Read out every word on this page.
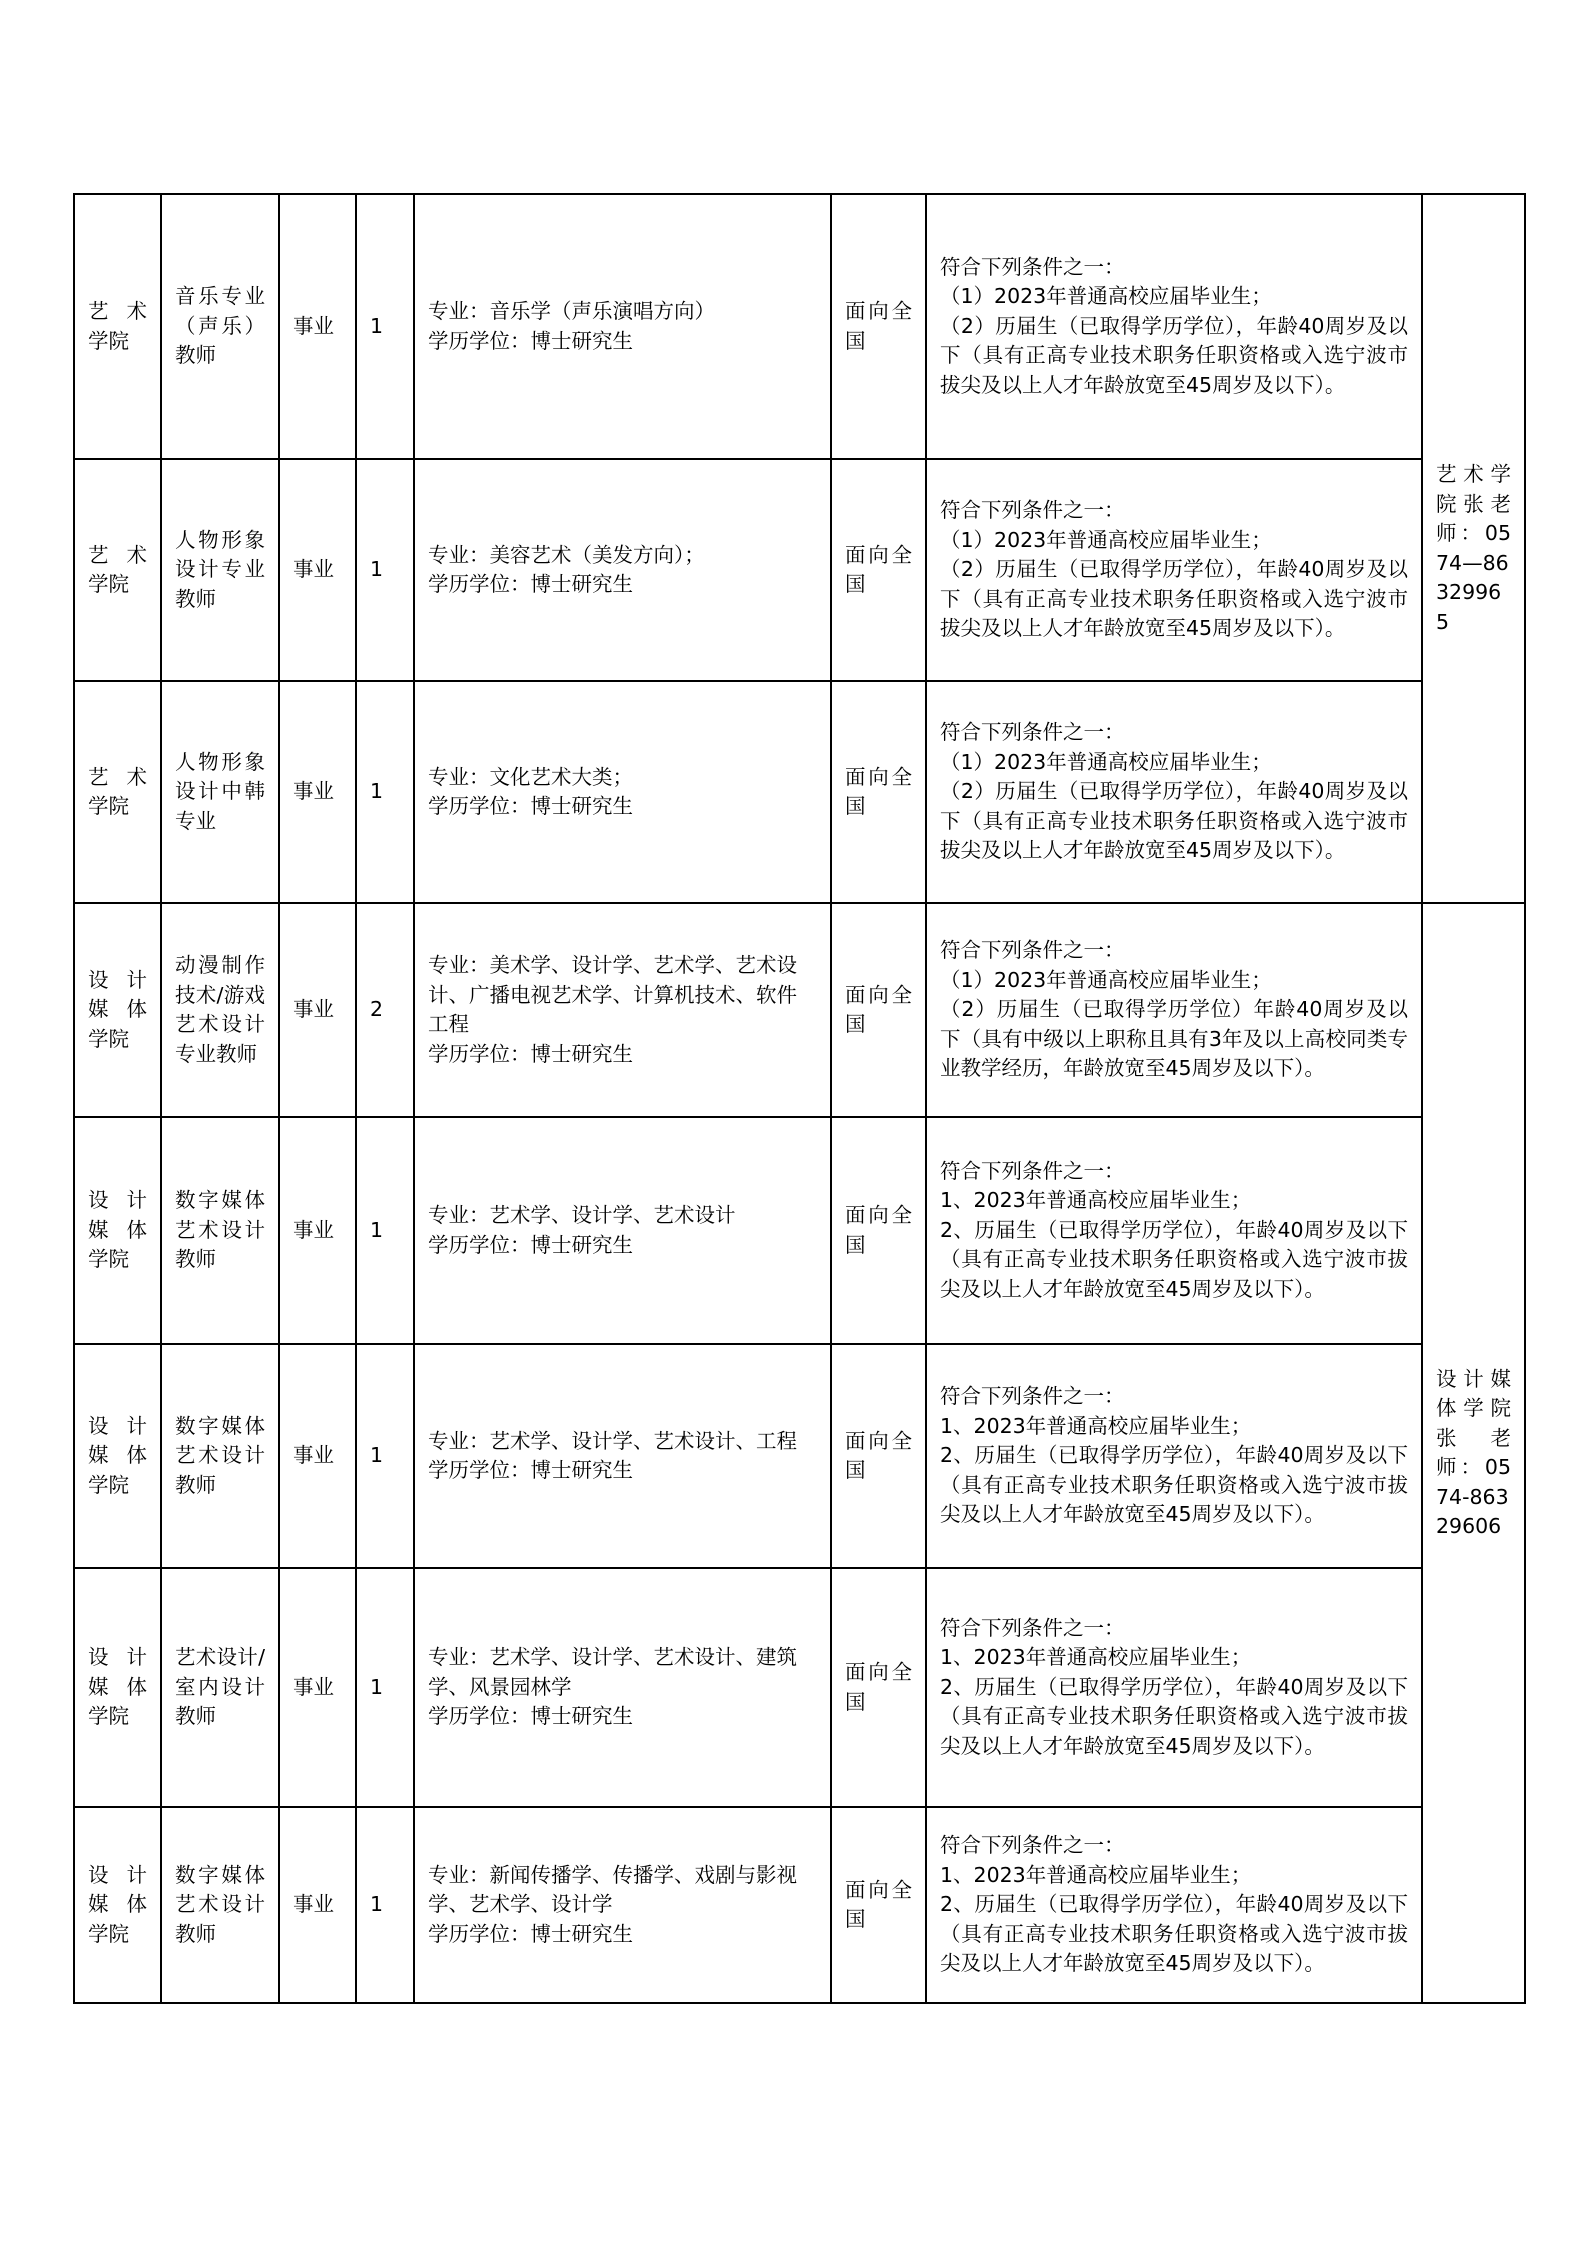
艺术学院	音乐专业（声乐）教师	事业	1	专业：音乐学（声乐演唱方向）
学历学位：博士研究生	面向全国	符合下列条件之一：
（1）2023年普通高校应届毕业生；
（2）历届生（已取得学历学位），年龄40周岁及以下（具有正高专业技术职务任职资格或入选宁波市拔尖及以上人才年龄放宽至45周岁及以下）。	艺术学院张老师：0574—86329965
艺术学院	人物形象设计专业教师	事业	1	专业：美容艺术（美发方向）；
学历学位：博士研究生	面向全国	符合下列条件之一：
（1）2023年普通高校应届毕业生；
（2）历届生（已取得学历学位），年龄40周岁及以下（具有正高专业技术职务任职资格或入选宁波市拔尖及以上人才年龄放宽至45周岁及以下）。	
艺术学院	人物形象设计中韩专业	事业	1	专业：文化艺术大类；
学历学位：博士研究生	面向全国	符合下列条件之一：
（1）2023年普通高校应届毕业生；
（2）历届生（已取得学历学位），年龄40周岁及以下（具有正高专业技术职务任职资格或入选宁波市拔尖及以上人才年龄放宽至45周岁及以下）。	
设计媒体学院	动漫制作技术/游戏艺术设计专业教师	事业	2	专业：美术学、设计学、艺术学、艺术设计、广播电视艺术学、计算机技术、软件工程
学历学位：博士研究生	面向全国	符合下列条件之一：
（1）2023年普通高校应届毕业生；
（2）历届生（已取得学历学位）年龄40周岁及以下（具有中级以上职称且具有3年及以上高校同类专业教学经历，年龄放宽至45周岁及以下）。	设计媒体学院张老师：0574-86329606
设计媒体学院	数字媒体艺术设计教师	事业	1	专业：艺术学、设计学、艺术设计
学历学位：博士研究生	面向全国	符合下列条件之一：
1、2023年普通高校应届毕业生；
2、历届生（已取得学历学位），年龄40周岁及以下（具有正高专业技术职务任职资格或入选宁波市拔尖及以上人才年龄放宽至45周岁及以下）。	
设计媒体学院	数字媒体艺术设计教师	事业	1	专业：艺术学、设计学、艺术设计、工程
学历学位：博士研究生	面向全国	符合下列条件之一：
1、2023年普通高校应届毕业生；
2、历届生（已取得学历学位），年龄40周岁及以下（具有正高专业技术职务任职资格或入选宁波市拔尖及以上人才年龄放宽至45周岁及以下）。	
设计媒体学院	艺术设计/室内设计教师	事业	1	专业：艺术学、设计学、艺术设计、建筑学、风景园林学
学历学位：博士研究生	面向全国	符合下列条件之一：
1、2023年普通高校应届毕业生；
2、历届生（已取得学历学位），年龄40周岁及以下（具有正高专业技术职务任职资格或入选宁波市拔尖及以上人才年龄放宽至45周岁及以下）。	
设计媒体学院	数字媒体艺术设计教师	事业	1	专业：新闻传播学、传播学、戏剧与影视学、艺术学、设计学
学历学位：博士研究生	面向全国	符合下列条件之一：
1、2023年普通高校应届毕业生；
2、历届生（已取得学历学位），年龄40周岁及以下（具有正高专业技术职务任职资格或入选宁波市拔尖及以上人才年龄放宽至45周岁及以下）。	
